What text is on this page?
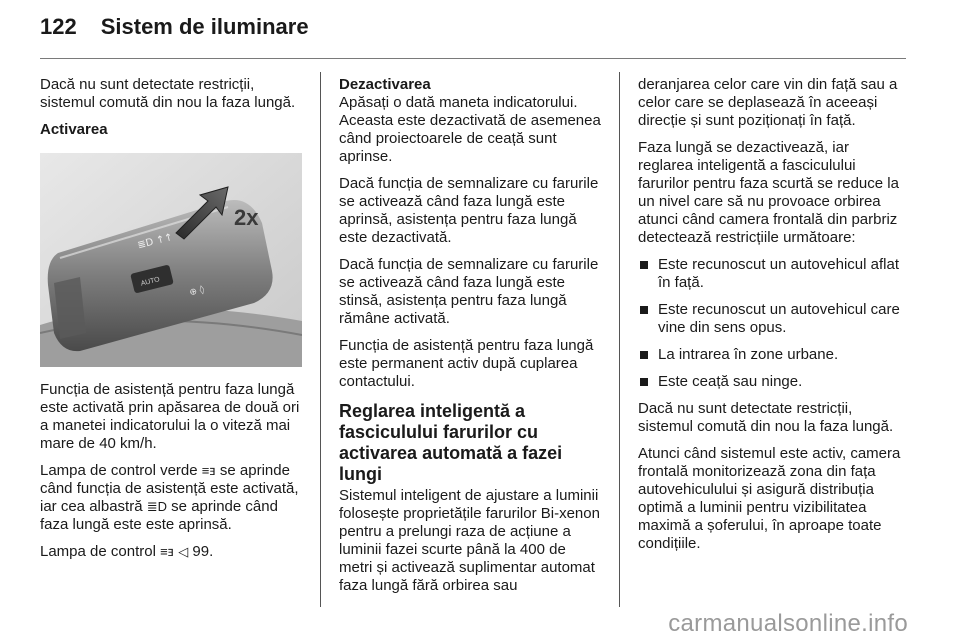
122 Sistem de iluminare

Dacă nu sunt detectate restricții, sistemul comută din nou la faza lungă.

Activarea
AUTO
≣D ↑↑
⊕ ◊
2x

Funcția de asistență pentru faza lungă este activată prin apăsarea de două ori a manetei indicatorului la o viteză mai mare de 40 km/h.

Lampa de control verde ≡ⱻ se aprinde când funcția de asistență este activată, iar cea albastră ≣D se aprinde când faza lungă este este aprinsă.

Lampa de control ≡ⱻ ◁ 99.

Dezactivarea

Apăsați o dată maneta indicatorului. Aceasta este dezactivată de asemenea când proiectoarele de ceață sunt aprinse.

Dacă funcția de semnalizare cu farurile se activează când faza lungă este aprinsă, asistența pentru faza lungă este dezactivată.

Dacă funcția de semnalizare cu farurile se activează când faza lungă este stinsă, asistența pentru faza lungă rămâne activată.

Funcția de asistență pentru faza lungă este permanent activ după cuplarea contactului.

Reglarea inteligentă a fasciculului farurilor cu activarea automată a fazei lungi

Sistemul inteligent de ajustare a luminii folosește proprietățile farurilor Bi-xenon pentru a prelungi raza de acțiune a luminii fazei scurte până la 400 de metri și activează suplimentar automat faza lungă fără orbirea sau

deranjarea celor care vin din față sau a celor care se deplasează în aceeași direcție și sunt poziționați în față.

Faza lungă se dezactivează, iar reglarea inteligentă a fasciculului farurilor pentru faza scurtă se reduce la un nivel care să nu provoace orbirea atunci când camera frontală din parbriz detectează restricțiile următoare:

Este recunoscut un autovehicul aflat în față.
Este recunoscut un autovehicul care vine din sens opus.
La intrarea în zone urbane.
Este ceață sau ninge.

Dacă nu sunt detectate restricții, sistemul comută din nou la faza lungă.

Atunci când sistemul este activ, camera frontală monitorizează zona din fața autovehiculului și asigură distribuția optimă a luminii pentru vizibilitatea maximă a șoferului, în aproape toate condițiile.

carmanualsonline.info
